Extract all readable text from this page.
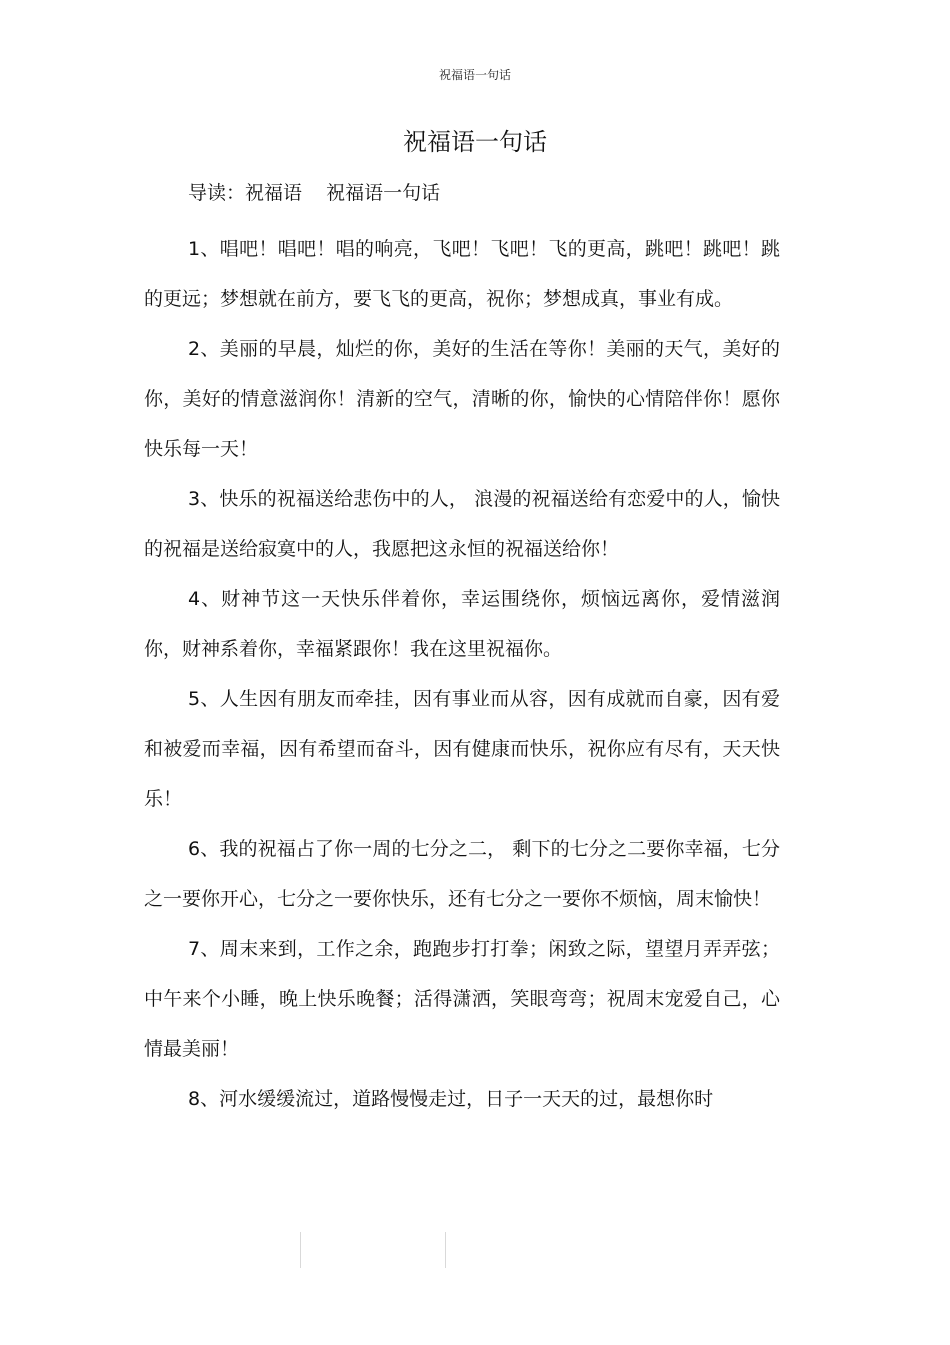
祝福语一句话
祝福语一句话
导读：祝福语    祝福语一句话

1、唱吧！唱吧！唱的响亮，飞吧！飞吧！飞的更高，跳吧！跳吧！跳的更远；梦想就在前方，要飞飞的更高，祝你；梦想成真，事业有成。

2、美丽的早晨，灿烂的你，美好的生活在等你！美丽的天气，美好的你，美好的情意滋润你！清新的空气，清晰的你，愉快的心情陪伴你！愿你快乐每一天！

3、快乐的祝福送给悲伤中的人， 浪漫的祝福送给有恋爱中的人，愉快的祝福是送给寂寞中的人，我愿把这永恒的祝福送给你！

4、财神节这一天快乐伴着你，幸运围绕你，烦恼远离你，爱情滋润你，财神系着你，幸福紧跟你！我在这里祝福你。

5、人生因有朋友而牵挂，因有事业而从容，因有成就而自豪，因有爱和被爱而幸福，因有希望而奋斗，因有健康而快乐，祝你应有尽有，天天快乐！

6、我的祝福占了你一周的七分之二， 剩下的七分之二要你幸福，七分之一要你开心，七分之一要你快乐，还有七分之一要你不烦恼，周末愉快！

7、周末来到，工作之余，跑跑步打打拳；闲致之际，望望月弄弄弦；中午来个小睡，晚上快乐晚餐；活得潇洒，笑眼弯弯；祝周末宠爱自己，心情最美丽！

8、河水缓缓流过，道路慢慢走过，日子一天天的过，最想你时
